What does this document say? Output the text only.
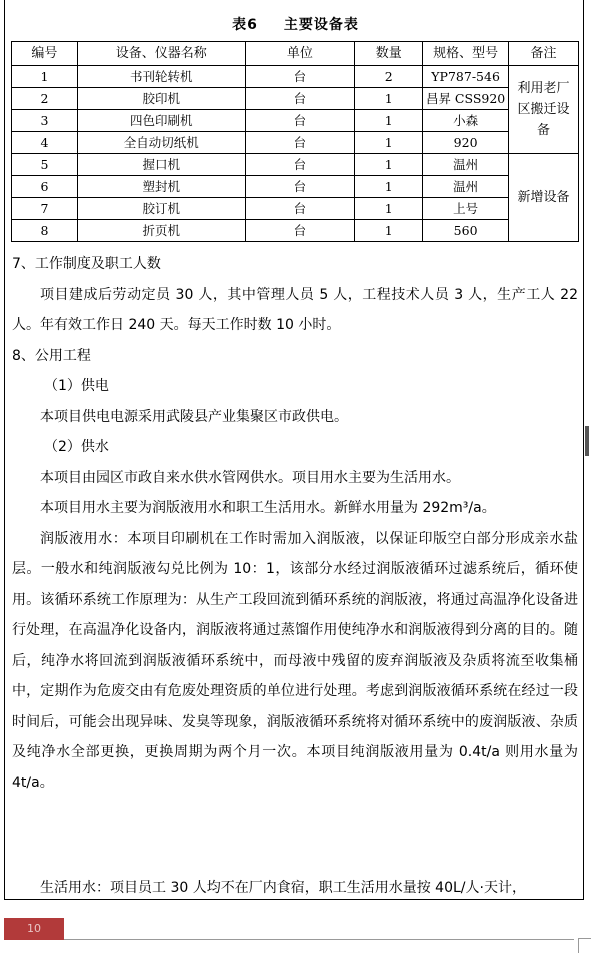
表6 主要设备表
编号	设备、仪器名称	单位	数量	规格、型号	备注
1	书刊轮转机	台	2	YP787-546	利用老厂区搬迁设备
2	胶印机	台	1	昌昇 CSS920	
3	四色印刷机	台	1	小森	
4	全自动切纸机	台	1	920	
5	握口机	台	1	温州	新增设备
6	塑封机	台	1	温州	
7	胶订机	台	1	上号	
8	折页机	台	1	560	

7、工作制度及职工人数

项目建成后劳动定员 30 人，其中管理人员 5 人，工程技术人员 3 人，生产工人 22 人。年有效工作日 240 天。每天工作时数 10 小时。

8、公用工程

（1）供电

本项目供电电源采用武陵县产业集聚区市政供电。

（2）供水

本项目由园区市政自来水供水管网供水。项目用水主要为生活用水。

本项目用水主要为润版液用水和职工生活用水。新鲜水用量为 292m³/a。

润版液用水：本项目印刷机在工作时需加入润版液，以保证印版空白部分形成亲水盐层。一般水和纯润版液勾兑比例为 10：1，该部分水经过润版液循环过滤系统后，循环使用。该循环系统工作原理为：从生产工段回流到循环系统的润版液，将通过高温净化设备进行处理，在高温净化设备内，润版液将通过蒸馏作用使纯净水和润版液得到分离的目的。随后，纯净水将回流到润版液循环系统中，而母液中残留的废弃润版液及杂质将流至收集桶中，定期作为危废交由有危废处理资质的单位进行处理。考虑到润版液循环系统在经过一段时间后，可能会出现异味、发臭等现象，润版液循环系统将对循环系统中的废润版液、杂质及纯净水全部更换，更换周期为两个月一次。本项目纯润版液用量为 0.4t/a 则用水量为 4t/a。

生活用水：项目员工 30 人均不在厂内食宿，职工生活用水量按 40L/人·天计，

10
